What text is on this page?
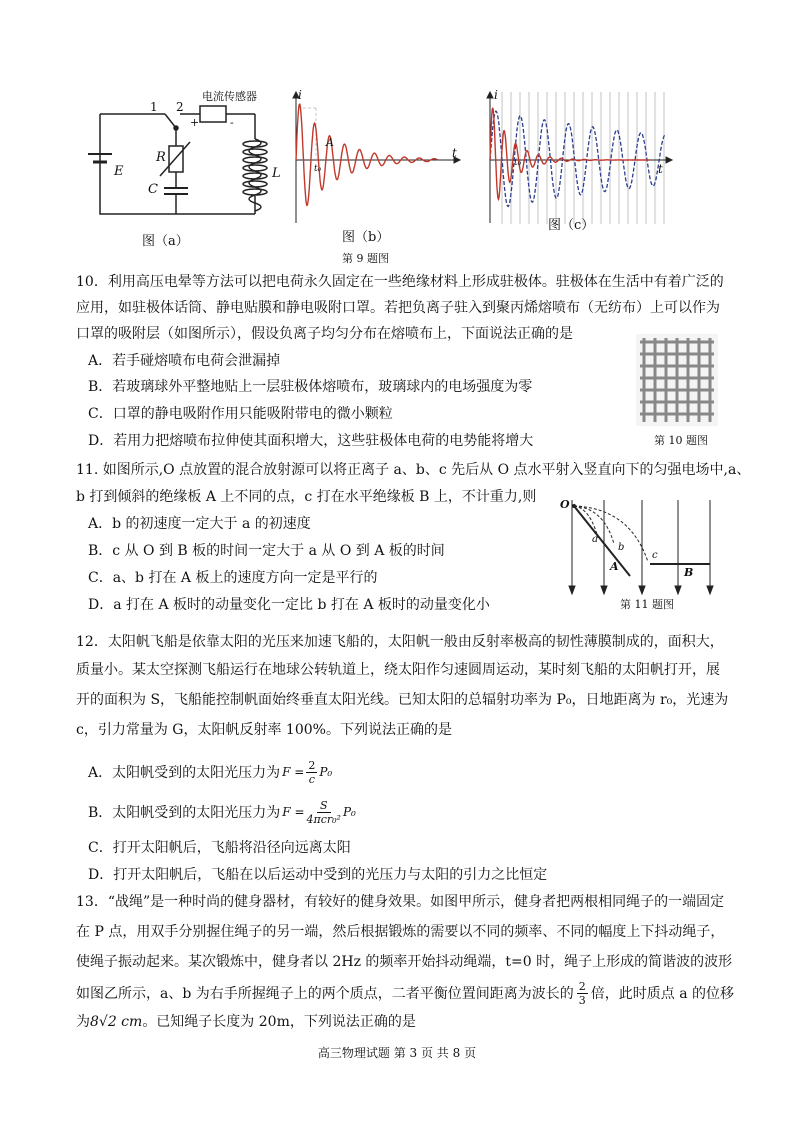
电流传感器
1 2
+	-
E
R
C
L
图（a）
i
t
A
t₀
图（b）
i
t
t₀
图（c）
第 9 题图
10．利用高压电晕等方法可以把电荷永久固定在一些绝缘材料上形成驻极体。驻极体在生活中有着广泛的
应用，如驻极体话筒、静电贴膜和静电吸附口罩。若把负离子驻入到聚丙烯熔喷布（无纺布）上可以作为
口罩的吸附层（如图所示），假设负离子均匀分布在熔喷布上，下面说法正确的是
A．若手碰熔喷布电荷会泄漏掉
B．若玻璃球外平整地贴上一层驻极体熔喷布，玻璃球内的电场强度为零
C．口罩的静电吸附作用只能吸附带电的微小颗粒
D．若用力把熔喷布拉伸使其面积增大，这些驻极体电荷的电势能将增大	第 10 题图
11. 如图所示,O 点放置的混合放射源可以将正离子 a、b、c 先后从 O 点水平射入竖直向下的匀强电场中,a、
b 打到倾斜的绝缘板 A 上不同的点，c 打在水平绝缘板 B 上，不计重力,则
A．b 的初速度一定大于 a 的初速度
B．c 从 O 到 B 板的时间一定大于 a 从 O 到 A 板的时间
C．a、b 打在 A 板上的速度方向一定是平行的
D．a 打在 A 板时的动量变化一定比 b 打在 A 板时的动量变化小
O
a
b
c
A	B
第 11 题图
12．太阳帆飞船是依靠太阳的光压来加速飞船的，太阳帆一般由反射率极高的韧性薄膜制成的，面积大，
质量小。某太空探测飞船运行在地球公转轨道上，绕太阳作匀速圆周运动，某时刻飞船的太阳帆打开，展
开的面积为 S，飞船能控制帆面始终垂直太阳光线。已知太阳的总辐射功率为 P₀，日地距离为 r₀，光速为
c，引力常量为 G，太阳帆反射率 100%。下列说法正确的是
A．太阳帆受到的太阳光压力为 $F = \frac{2}{c} P_0$
B．太阳帆受到的太阳光压力为 F = S
4πcr₀² P₀
C．打开太阳帆后，飞船将沿径向远离太阳
D．打开太阳帆后，飞船在以后运动中受到的光压力与太阳的引力之比恒定
13．“战绳”是一种时尚的健身器材，有较好的健身效果。如图甲所示，健身者把两根相同绳子的一端固定
在 P 点，用双手分别握住绳子的另一端，然后根据锻炼的需要以不同的频率、不同的幅度上下抖动绳子，
使绳子振动起来。某次锻炼中，健身者以 2Hz 的频率开始抖动绳端，t=0 时，绳子上形成的简谐波的波形
如图乙所示，a、b 为右手所握绳子上的两个质点，二者平衡位置间距离为波长的 $\frac{2}{3}$ 倍，此时质点 a 的位移
为8√2 cm。已知绳子长度为 20m，下列说法正确的是
高三物理试题 第 3 页 共 8 页
